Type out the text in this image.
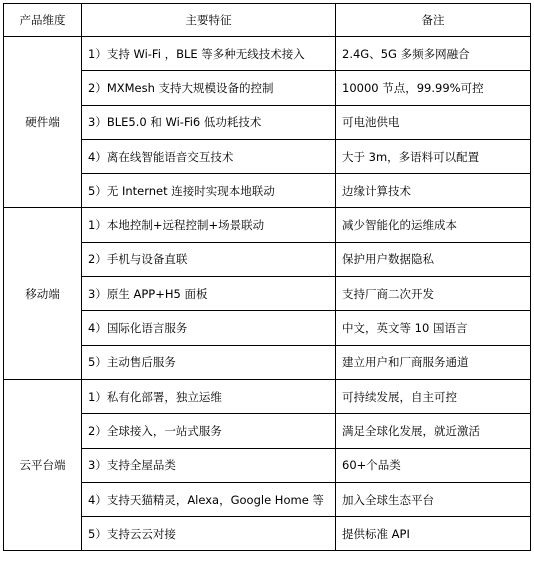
产品维度	主要特征	备注
硬件端	1）支持 Wi-Fi ，BLE 等多种无线技术接入	2.4G、5G 多频多网融合
	2）MXMesh 支持大规模设备的控制	10000 节点，99.99%可控
	3）BLE5.0 和 Wi-Fi6 低功耗技术	可电池供电
	4）离在线智能语音交互技术	大于 3m，多语料可以配置
	5）无 Internet 连接时实现本地联动	边缘计算技术
移动端	1）本地控制+远程控制+场景联动	减少智能化的运维成本
	2）手机与设备直联	保护用户数据隐私
	3）原生 APP+H5 面板	支持厂商二次开发
	4）国际化语言服务	中文，英文等 10 国语言
	5）主动售后服务	建立用户和厂商服务通道
云平台端	1）私有化部署，独立运维	可持续发展，自主可控
	2）全球接入，一站式服务	满足全球化发展，就近激活
	3）支持全屋品类	60+个品类
	4）支持天猫精灵，Alexa，Google Home 等	加入全球生态平台
	5）支持云云对接	提供标准 API
